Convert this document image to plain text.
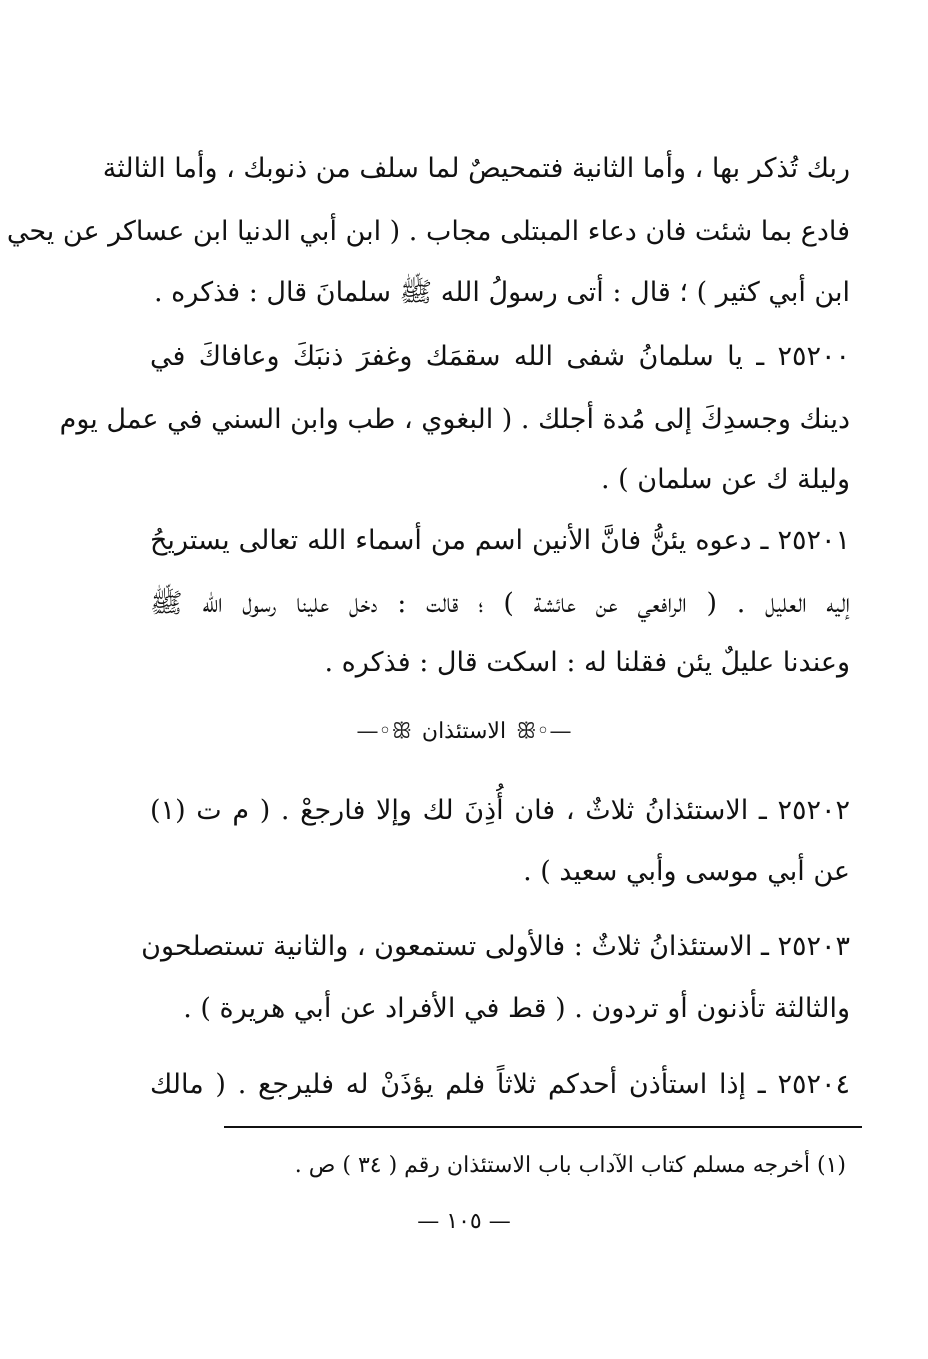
ربك تُذكر بها ، وأما الثانية فتمحيصٌ لما سلف من ذنوبك ، وأما الثالثة
فادع بما شئت فان دعاء المبتلى مجاب . ( ابن أبي الدنيا ابن عساكر عن يحي
ابن أبي كثير ) ؛ قال : أتى رسولُ الله ﷺ سلمانَ قال : فذكره .
٢٥٢٠٠ ـ يا سلمانُ شفى الله سقمَك وغفرَ ذنبَكَ وعافاكَ في
دينك وجسدِكَ إلى مُدة أجلك . ( البغوي ، طب وابن السني في عمل يوم
وليلة ك عن سلمان ) .
٢٥٢٠١ ـ دعوه يئنُّ فانَّ الأنين اسم من أسماء الله تعالى يستريحُ
إليه العليل . ( الرافعي عن عائشة ) ؛ قالت : دخل علينا رسول الله ﷺ
وعندنا عليلٌ يئن فقلنا له : اسكت قال : فذكره .
—◦ꕥ
الاستئذان
ꕥ◦—
٢٥٢٠٢ ـ الاستئذانُ ثلاثٌ ، فان أُذِنَ لك وإلا فارجعْ . ( م ت (١)
عن أبي موسى وأبي سعيد ) .
٢٥٢٠٣ ـ الاستئذانُ ثلاثٌ : فالأولى تستمعون ، والثانية تستصلحون
والثالثة تأذنون أو تردون . ( قط في الأفراد عن أبي هريرة ) .
٢٥٢٠٤ ـ إذا استأذن أحدكم ثلاثاً فلم يؤذَنْ له فليرجع . ( مالك
(١) أخرجه مسلم كتاب الآداب باب الاستئذان رقم ( ٣٤ ) ص .
— ١٠٥ —
